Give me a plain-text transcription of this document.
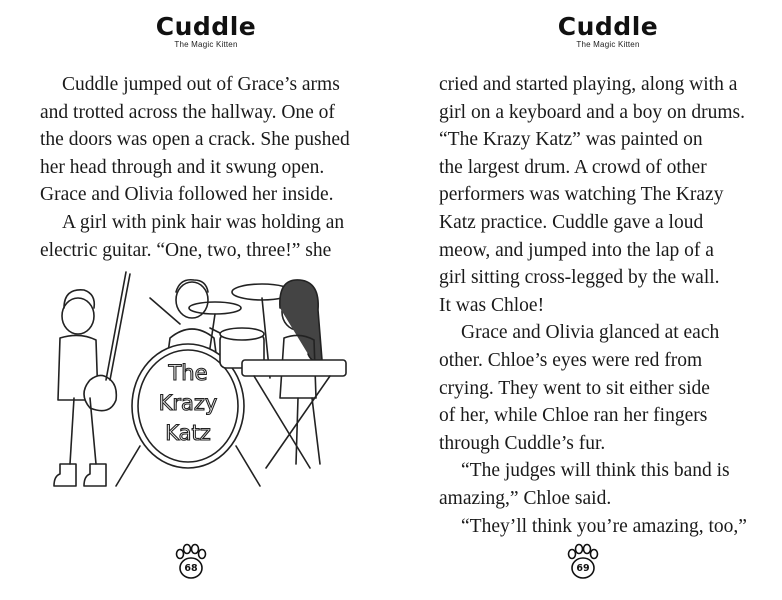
Cuddle
The Magic Kitten
Cuddle jumped out of Grace’s arms
and trotted across the hallway. One of
the doors was open a crack. She pushed
her head through and it swung open.
Grace and Olivia followed her inside.
A girl with pink hair was holding an
electric guitar. “One, two, three!” she
The
Krazy
Katz
68
Cuddle
The Magic Kitten
cried and started playing, along with a
girl on a keyboard and a boy on drums.
“The Krazy Katz” was painted on
the largest drum. A crowd of other
performers was watching The Krazy
Katz practice. Cuddle gave a loud
meow, and jumped into the lap of a
girl sitting cross-legged by the wall.
It was Chloe!
Grace and Olivia glanced at each
other. Chloe’s eyes were red from
crying. They went to sit either side
of her, while Chloe ran her fingers
through Cuddle’s fur.
“The judges will think this band is
amazing,” Chloe said.
“They’ll think you’re amazing, too,”
69
